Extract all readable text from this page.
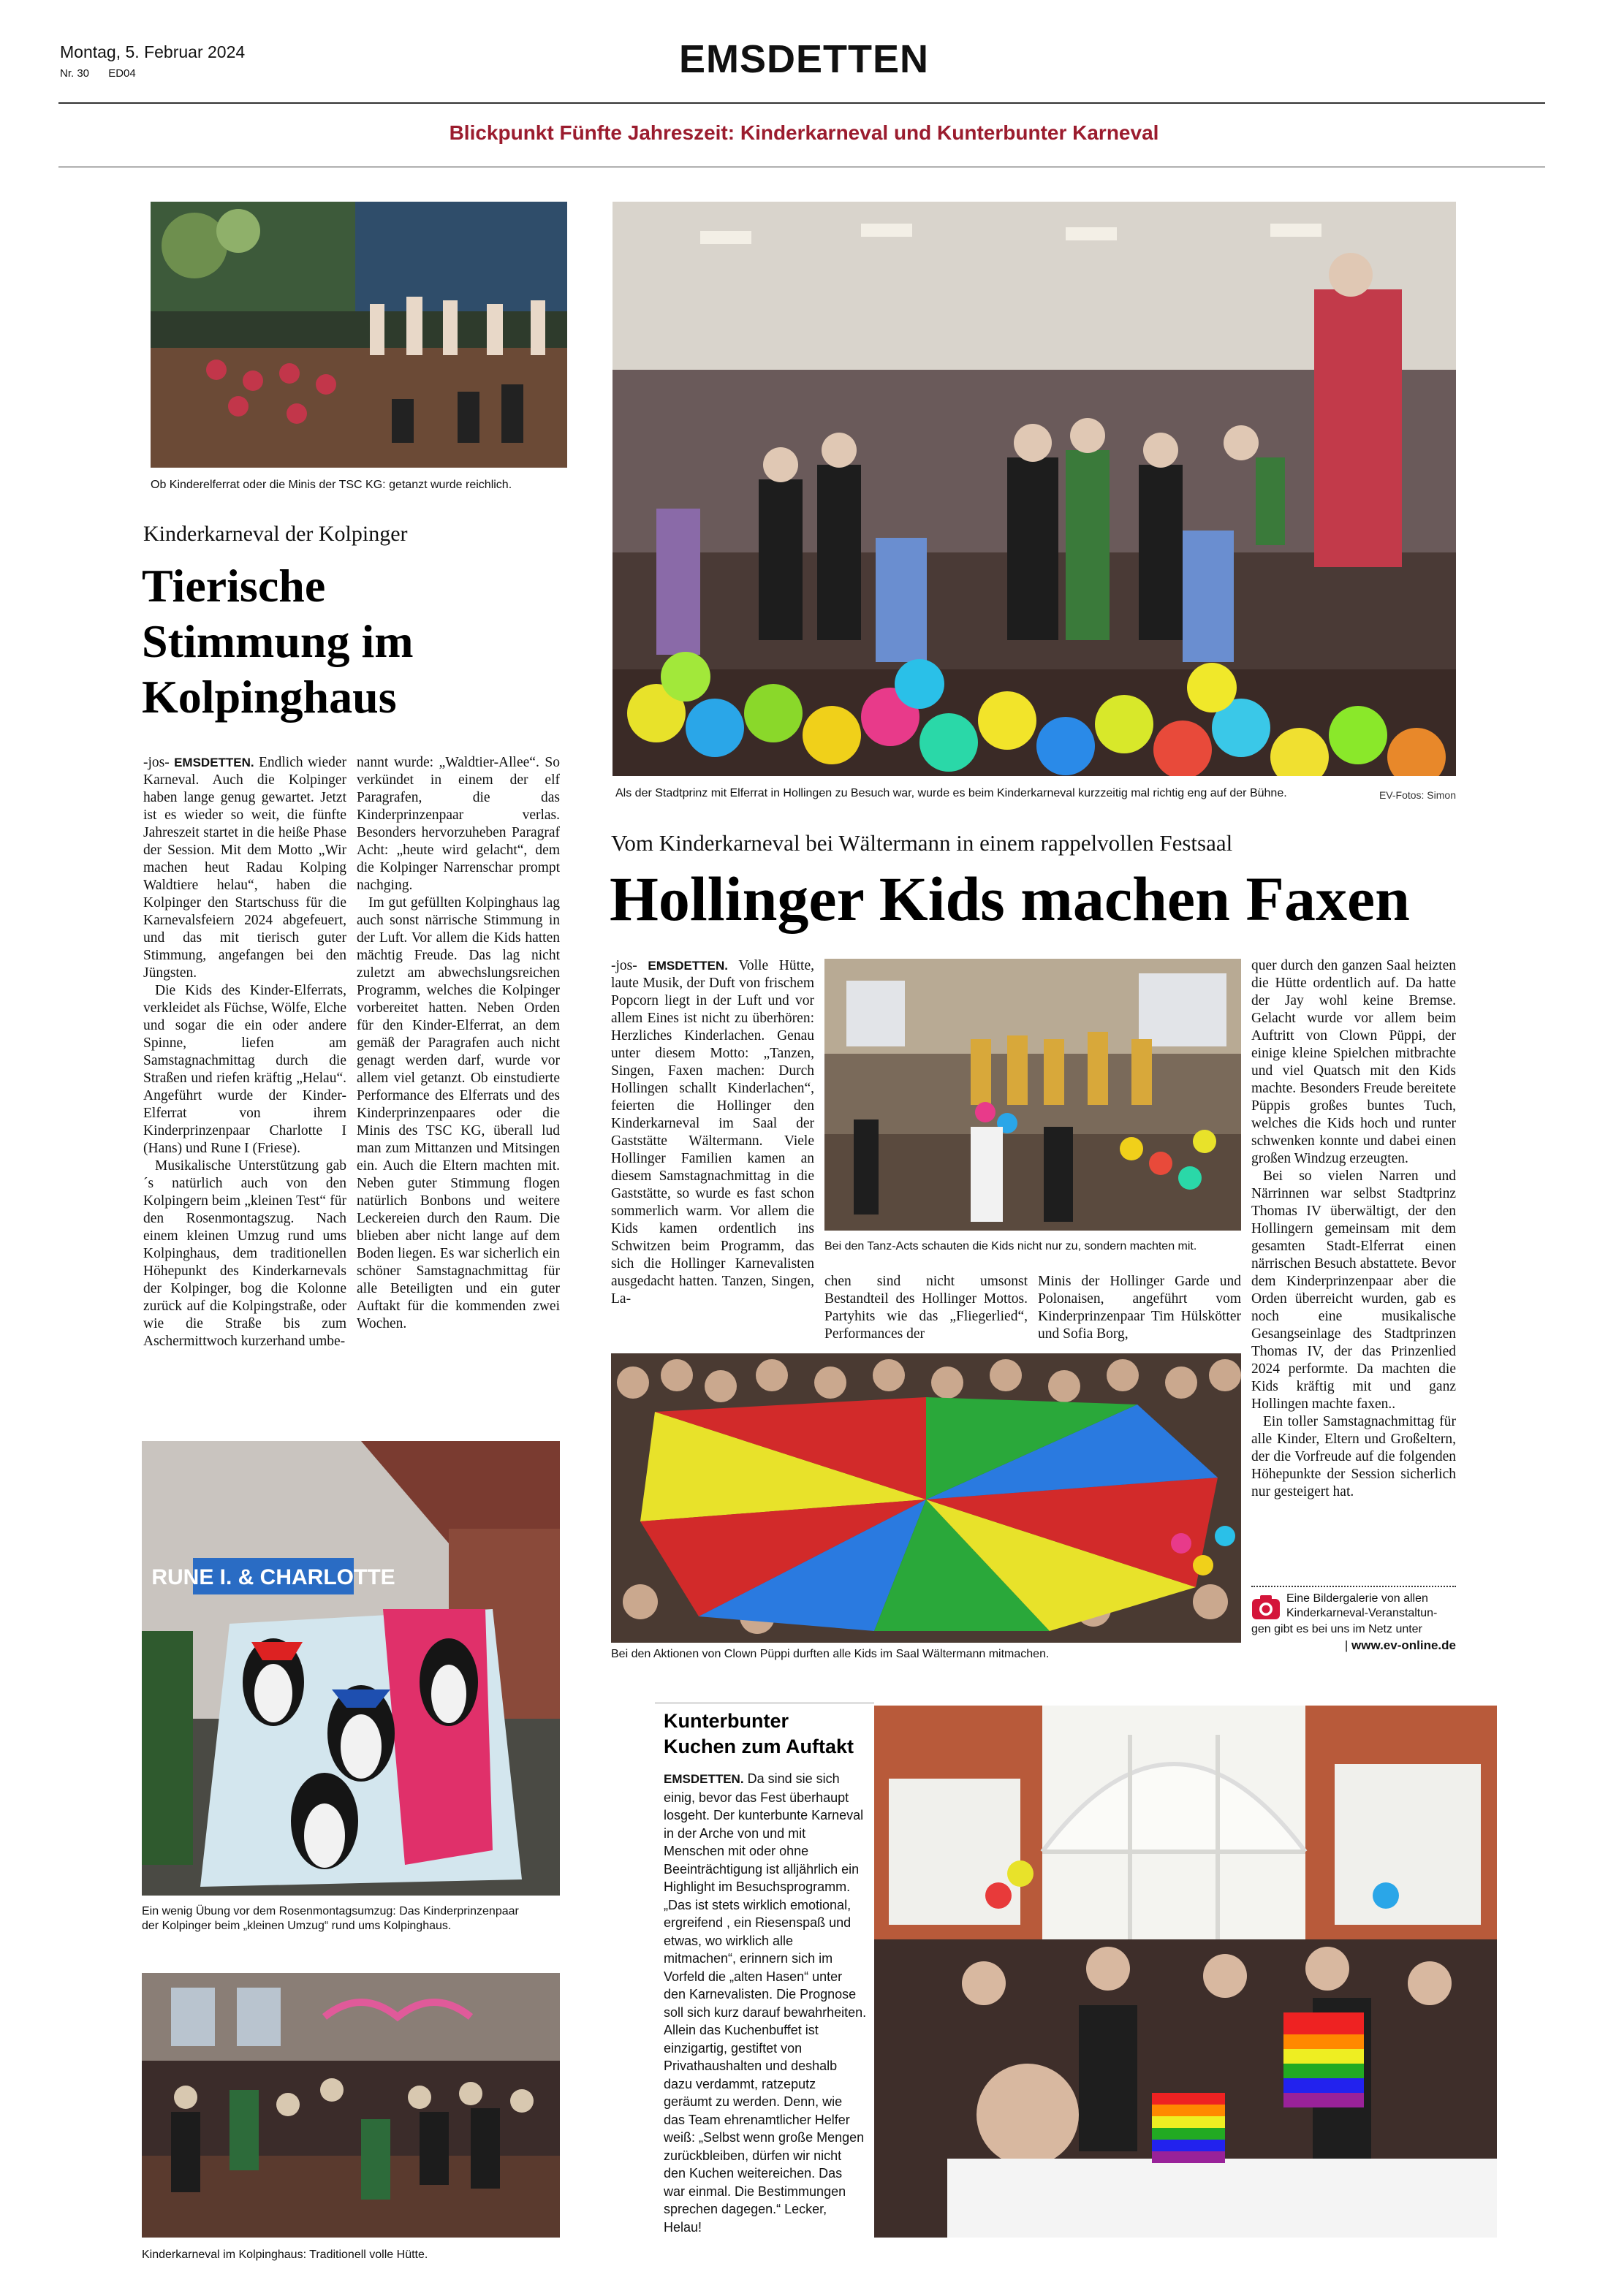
Montag, 5. Februar 2024
Nr. 30 ED04	EMSDETTEN
Blickpunkt Fünfte Jahreszeit: Kinderkarneval und Kunterbunter Karneval
Ob Kinderelferrat oder die Minis der TSC KG: getanzt wurde reichlich.
Kinderkarneval der Kolpinger
Tierische
Stimmung im
Kolpinghaus

-jos- EMSDETTEN. Endlich wieder Karneval. Auch die Kolpinger haben lange genug gewartet. Jetzt ist es wieder so weit, die fünfte Jahreszeit startet in die heiße Phase der Session. Mit dem Motto „Wir machen heut Radau Kolping Waldtiere helau“, haben die Kolpinger den Startschuss für die Karnevalsfeiern 2024 abgefeuert, und das mit tierisch guter Stimmung, angefangen bei den Jüngsten.

Die Kids des Kinder-Elferrats, verkleidet als Füchse, Wölfe, Elche und sogar die ein oder andere Spinne, liefen am Samstagnachmittag durch die Straßen und riefen kräftig „Helau“. Angeführt wurde der Kinder-Elferrat von ihrem Kinderprinzenpaar Charlotte I (Hans) und Rune I (Friese).

Musikalische Unterstützung gab´s natürlich auch von den Kolpingern beim „kleinen Test“ für den Rosenmontagszug. Nach einem kleinen Umzug rund ums Kolpinghaus, dem traditionellen Höhepunkt des Kinderkarnevals der Kolpinger, bog die Kolonne zurück auf die Kolpingstraße, oder wie die Straße bis zum Aschermittwoch kurzerhand umbe-

nannt wurde: „Waldtier-Allee“. So verkündet in einem der elf Paragrafen, die das Kinderprinzenpaar verlas. Besonders hervorzuheben Paragraf Acht: „heute wird gelacht“, dem die Kolpinger Narrenschar prompt nachging.

Im gut gefüllten Kolpinghaus lag auch sonst närrische Stimmung in der Luft. Vor allem die Kids hatten mächtig Freude. Das lag nicht zuletzt am abwechslungsreichen Programm, welches die Kolpinger vorbereitet hatten. Neben Orden für den Kinder-Elferrat, an dem gemäß der Paragrafen auch nicht genagt werden darf, wurde vor allem viel getanzt. Ob einstudierte Performance des Elferrats und des Kinderprinzenpaares oder die Minis des TSC KG, überall lud man zum Mittanzen und Mitsingen ein. Auch die Eltern machten mit. Neben guter Stimmung flogen natürlich Bonbons und weitere Leckereien durch den Raum. Die blieben aber nicht lange auf dem Boden liegen. Es war sicherlich ein schöner Samstagnachmittag für alle Beteiligten und ein guter Auftakt für die kommenden zwei Wochen.

RUNE I. & CHARLOTTE
Ein wenig Übung vor dem Rosenmontagsumzug: Das Kinderprinzenpaar
der Kolpinger beim „kleinen Umzug“ rund ums Kolpinghaus.
Kinderkarneval im Kolpinghaus: Traditionell volle Hütte.
Als der Stadtprinz mit Elferrat in Hollingen zu Besuch war, wurde es beim Kinderkarneval kurzzeitig mal richtig eng auf der Bühne.	EV-Fotos: Simon
Vom Kinderkarneval bei Wältermann in einem rappelvollen Festsaal
Hollinger Kids machen Faxen

-jos- EMSDETTEN. Volle Hütte, laute Musik, der Duft von frischem Popcorn liegt in der Luft und vor allem Eines ist nicht zu überhören: Herzliches Kinderlachen. Genau unter diesem Motto: „Tanzen, Singen, Faxen machen: Durch Hollingen schallt Kinderlachen“, feierten die Hollinger den Kinderkarneval im Saal der Gaststätte Wältermann. Viele Hollinger Familien kamen an diesem Samstagnachmittag in die Gaststätte, so wurde es fast schon sommerlich warm. Vor allem die Kids kamen ordentlich ins Schwitzen beim Programm, das sich die Hollinger Karnevalisten ausgedacht hatten. Tanzen, Singen, La-

Bei den Tanz-Acts schauten die Kids nicht nur zu, sondern machten mit.

chen sind nicht umsonst Bestandteil des Hollinger Mottos. Partyhits wie das „Fliegerlied“, Performances der

Minis der Hollinger Garde und Polonaisen, angeführt vom Kinderprinzenpaar Tim Hülskötter und Sofia Borg,

quer durch den ganzen Saal heizten die Hütte ordentlich auf. Da hatte der Jay wohl keine Bremse. Gelacht wurde vor allem beim Auftritt von Clown Püppi, der einige kleine Spielchen mitbrachte und viel Quatsch mit den Kids machte. Besonders Freude bereitete Püppis großes buntes Tuch, welches die Kids hoch und runter schwenken konnte und dabei einen großen Windzug erzeugten.

Bei so vielen Narren und Närrinnen war selbst Stadtprinz Thomas IV überwältigt, der den Hollingern gemeinsam mit dem gesamten Stadt-Elferrat einen närrischen Besuch abstattete. Bevor dem Kinderprinzenpaar aber die Orden überreicht wurden, gab es noch eine musikalische Gesangseinlage des Stadtprinzen Thomas IV, der das Prinzenlied 2024 performte. Da machten die Kids kräftig mit und ganz Hollingen machte faxen..

Ein toller Samstagnachmittag für alle Kinder, Eltern und Großeltern, der die Vorfreude auf die folgenden Höhepunkte der Session sicherlich nur gesteigert hat.

Eine Bildergalerie von allen
Kinderkarneval-Veranstaltun-
gen gibt es bei uns im Netz unter
| www.ev-online.de
Bei den Aktionen von Clown Püppi durften alle Kids im Saal Wältermann mitmachen.
Kunterbunter
Kuchen zum Auftakt
EMSDETTEN. Da sind sie sich einig, bevor das Fest überhaupt losgeht. Der kunterbunte Karneval in der Arche von und mit Menschen mit oder ohne Beeinträchtigung ist alljährlich ein Highlight im Besuchsprogramm. „Das ist stets wirklich emotional, ergreifend , ein Riesenspaß und etwas, wo wirklich alle mitmachen“, erinnern sich im Vorfeld die „alten Hasen“ unter den Karnevalisten. Die Prognose soll sich kurz darauf bewahrheiten. Allein das Kuchenbuffet ist einzigartig, gestiftet von Privathaushalten und deshalb dazu verdammt, ratzeputz geräumt zu werden. Denn, wie das Team ehrenamtlicher Helfer weiß: „Selbst wenn große Mengen zurückbleiben, dürfen wir nicht den Kuchen weitereichen. Das war einmal. Die Bestimmungen sprechen dagegen.“ Lecker, Helau!
